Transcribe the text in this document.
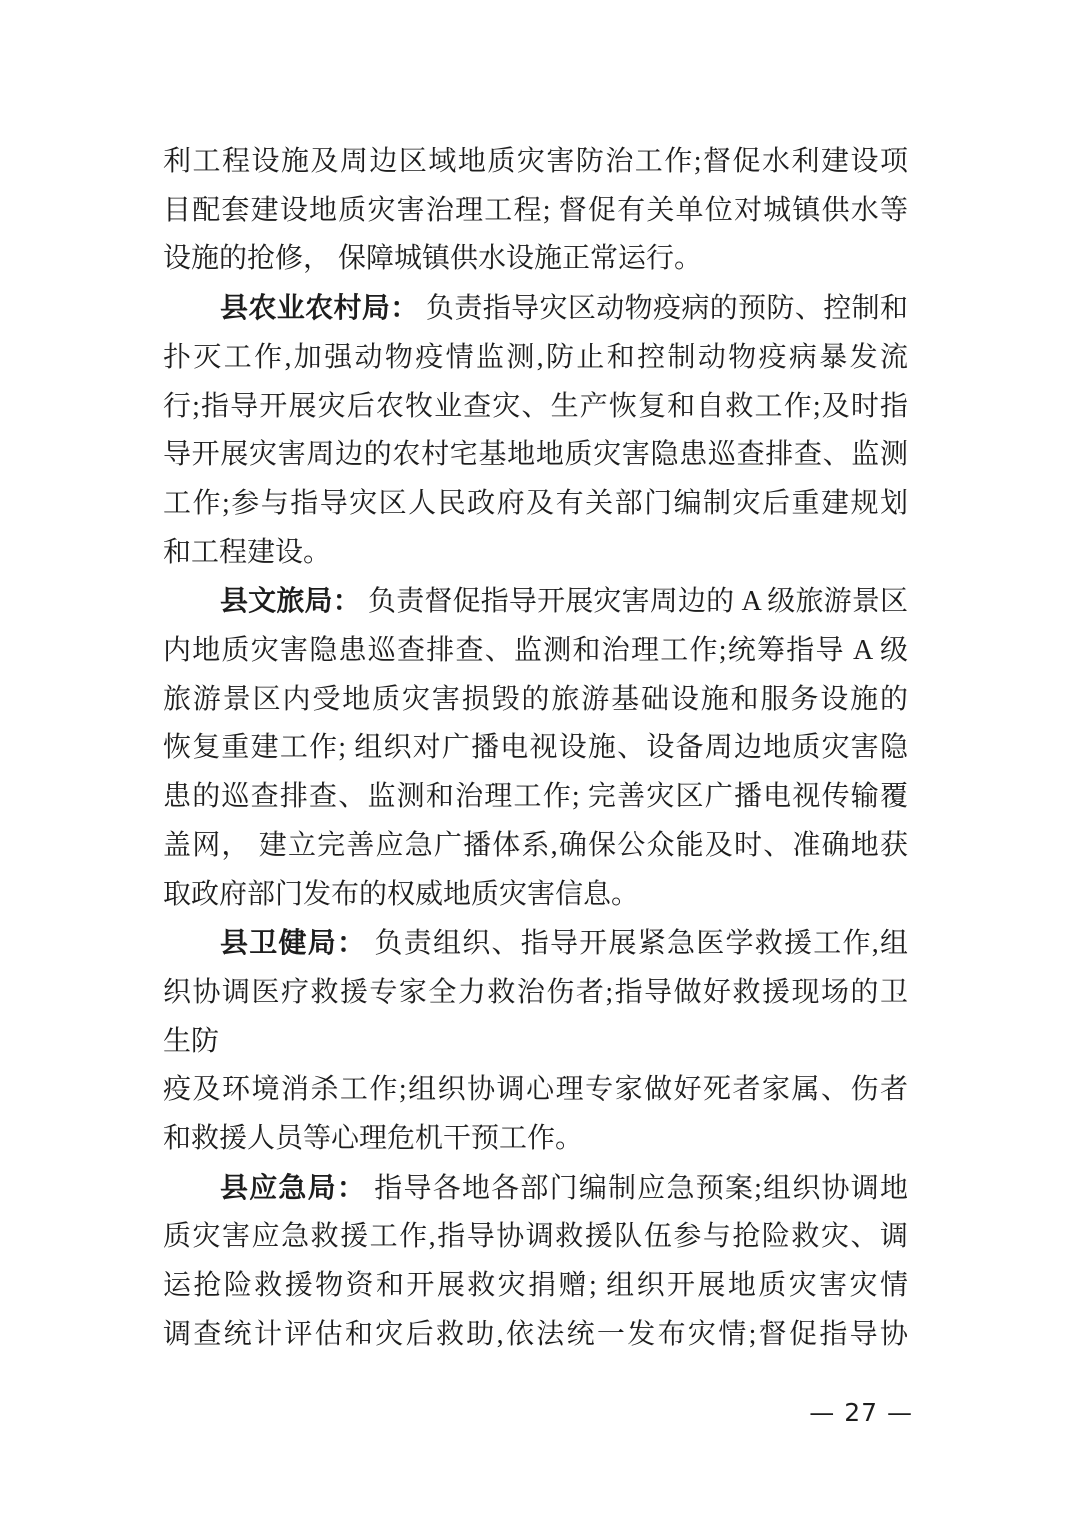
利工程设施及周边区域地质灾害防治工作;督促水利建设项
目配套建设地质灾害治理工程; 督促有关单位对城镇供水等
设施的抢修， 保障城镇供水设施正常运行。
县农业农村局： 负责指导灾区动物疫病的预防、控制和
扑灭工作,加强动物疫情监测,防止和控制动物疫病暴发流
行;指导开展灾后农牧业查灾、生产恢复和自救工作;及时指
导开展灾害周边的农村宅基地地质灾害隐患巡查排查、监测
工作;参与指导灾区人民政府及有关部门编制灾后重建规划
和工程建设。
县文旅局： 负责督促指导开展灾害周边的 A 级旅游景区
内地质灾害隐患巡查排查、监测和治理工作;统筹指导 A 级
旅游景区内受地质灾害损毁的旅游基础设施和服务设施的
恢复重建工作; 组织对广播电视设施、设备周边地质灾害隐
患的巡查排查、监测和治理工作; 完善灾区广播电视传输覆
盖网， 建立完善应急广播体系,确保公众能及时、准确地获
取政府部门发布的权威地质灾害信息。
县卫健局： 负责组织、指导开展紧急医学救援工作,组
织协调医疗救援专家全力救治伤者;指导做好救援现场的卫
生防
疫及环境消杀工作;组织协调心理专家做好死者家属、伤者
和救援人员等心理危机干预工作。
县应急局： 指导各地各部门编制应急预案;组织协调地
质灾害应急救援工作,指导协调救援队伍参与抢险救灾、调
运抢险救援物资和开展救灾捐赠; 组织开展地质灾害灾情
调查统计评估和灾后救助,依法统一发布灾情;督促指导协
— 27 —
